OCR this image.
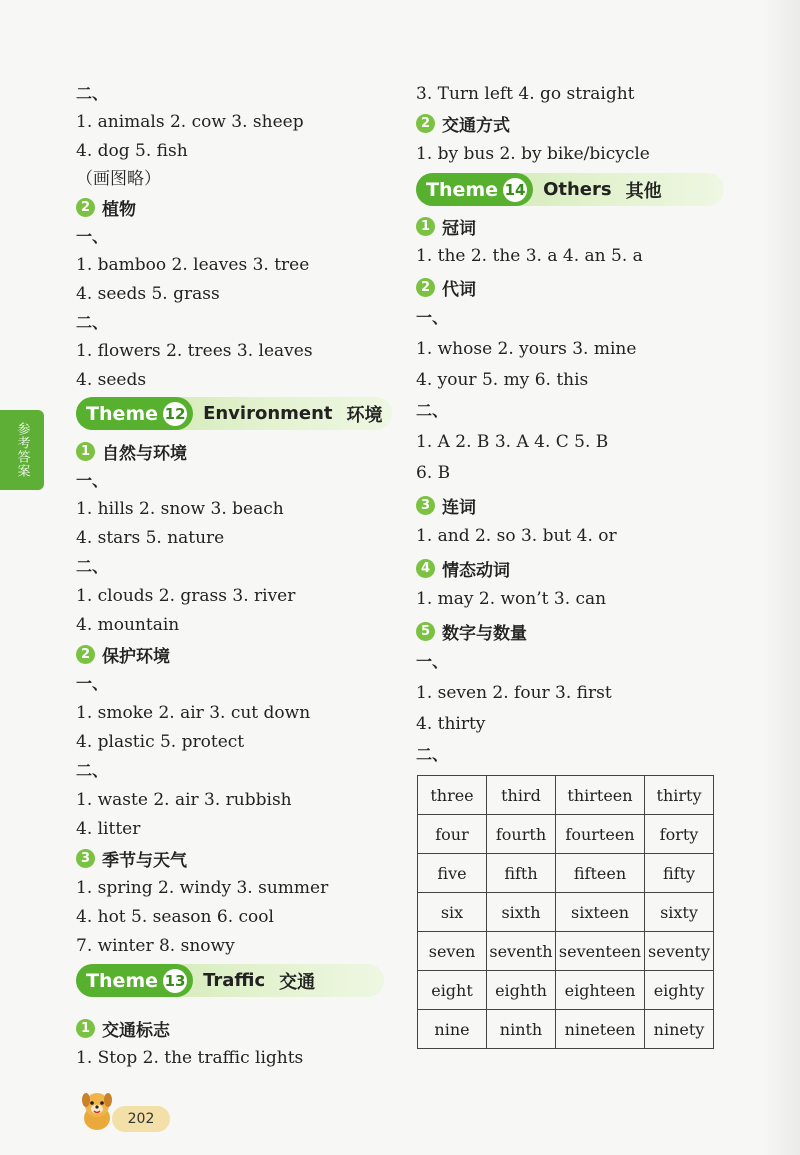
参考答案
二、
1. animals 2. cow 3. sheep
4. dog 5. fish
（画图略）
2 植物
一、
1. bamboo 2. leaves 3. tree
4. seeds 5. grass
二、
1. flowers 2. trees 3. leaves
4. seeds
Theme 12 Environment 环境
1 自然与环境
一、
1. hills 2. snow 3. beach
4. stars 5. nature
二、
1. clouds 2. grass 3. river
4. mountain
2 保护环境
一、
1. smoke 2. air 3. cut down
4. plastic 5. protect
二、
1. waste 2. air 3. rubbish
4. litter
3 季节与天气
1. spring 2. windy 3. summer
4. hot 5. season 6. cool
7. winter 8. snowy
Theme 13 Traffic 交通
1 交通标志
1. Stop 2. the traffic lights
3. Turn left 4. go straight
2 交通方式
1. by bus 2. by bike/bicycle
Theme 14 Others 其他
1 冠词
1. the 2. the 3. a 4. an 5. a
2 代词
一、
1. whose 2. yours 3. mine
4. your 5. my 6. this
二、
1. A 2. B 3. A 4. C 5. B
6. B
3 连词
1. and 2. so 3. but 4. or
4 情态动词
1. may 2. won’t 3. can
5 数字与数量
一、
1. seven 2. four 3. first
4. thirty
二、
three	third	thirteen	thirty
four	fourth	fourteen	forty
five	fifth	fifteen	fifty
six	sixth	sixteen	sixty
seven	seventh	seventeen	seventy
eight	eighth	eighteen	eighty
nine	ninth	nineteen	ninety
202
